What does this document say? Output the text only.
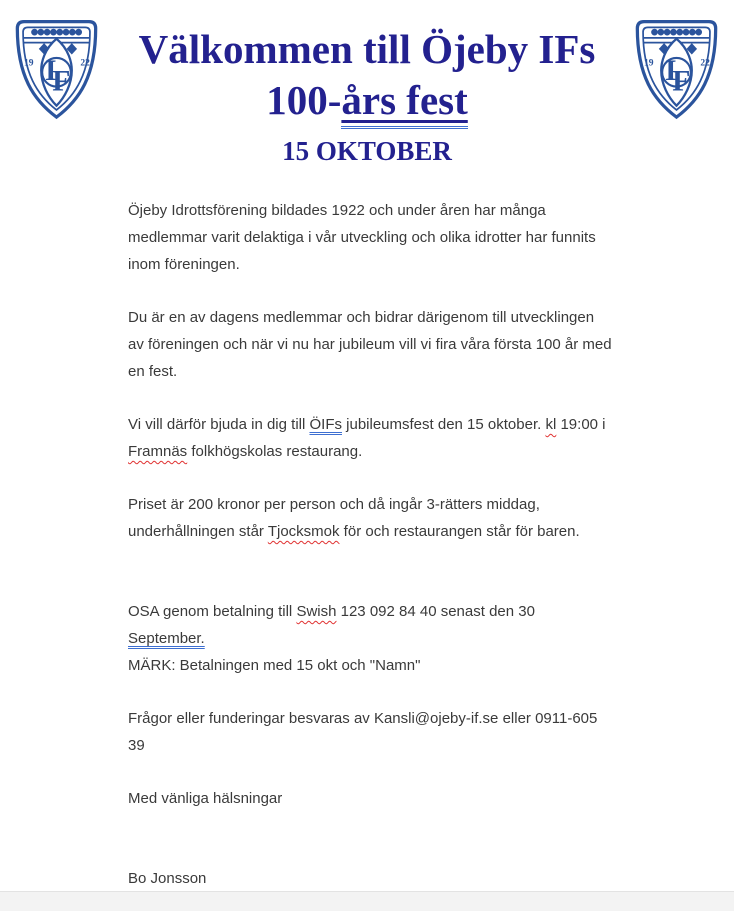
19	22
I
F
Välkommen till Öjeby IFs
100-års fest
15 OKTOBER
19	22
I
F

Öjeby Idrottsförening bildades 1922 och under åren har många medlemmar varit delaktiga i vår utveckling och olika idrotter har funnits inom föreningen.

Du är en av dagens medlemmar och bidrar därigenom till utvecklingen av föreningen och när vi nu har jubileum vill vi fira våra första 100 år med en fest.

Vi vill därför bjuda in dig till ÖIFs jubileumsfest den 15 oktober. kl 19:00 i Framnäs folkhögskolas restaurang.

Priset är 200 kronor per person och då ingår 3-rätters middag, underhållningen står Tjocksmok för och restaurangen står för baren.

OSA genom betalning till Swish 123 092 84 40 senast den 30 September.
MÄRK: Betalningen med 15 okt och "Namn"

Frågor eller funderingar besvaras av Kansli@ojeby-if.se eller 0911-605 39

Med vänliga hälsningar

Bo Jonsson
